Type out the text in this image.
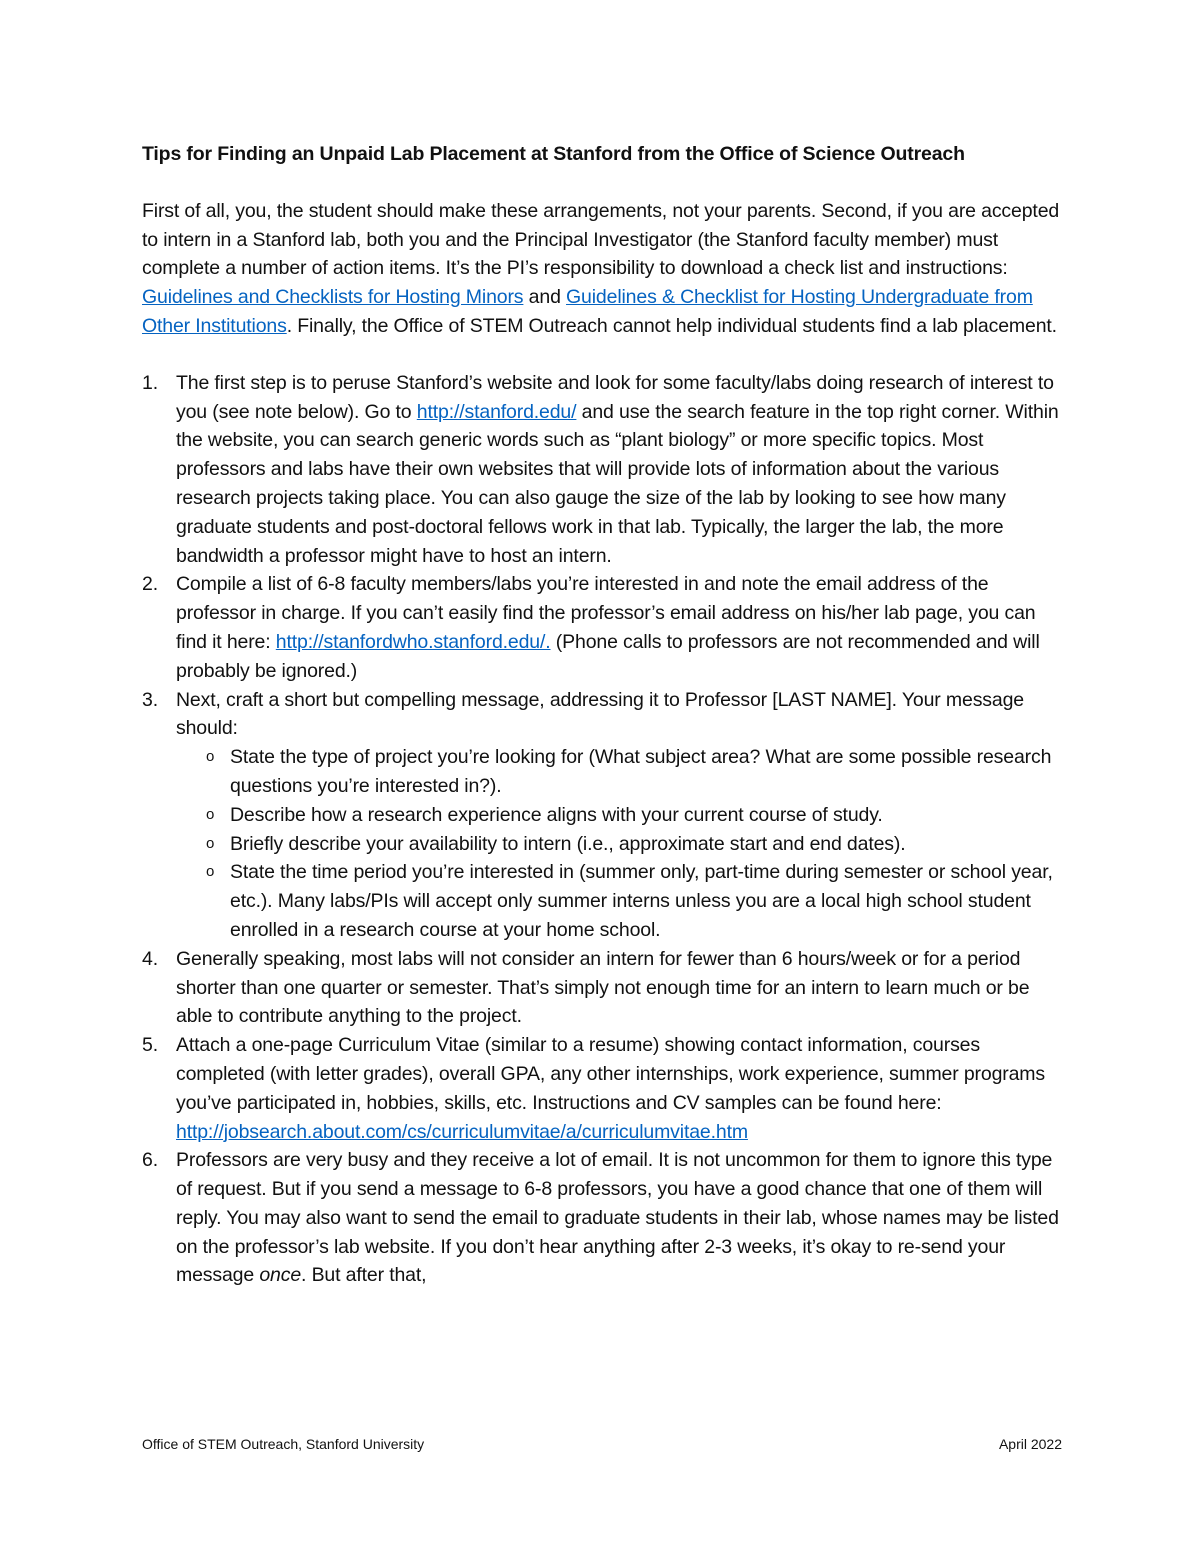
Tips for Finding an Unpaid Lab Placement at Stanford from the Office of Science Outreach

First of all, you, the student should make these arrangements, not your parents. Second, if you are accepted to intern in a Stanford lab, both you and the Principal Investigator (the Stanford faculty member) must complete a number of action items. It’s the PI’s responsibility to download a check list and instructions: Guidelines and Checklists for Hosting Minors and Guidelines & Checklist for Hosting Undergraduate from Other Institutions. Finally, the Office of STEM Outreach cannot help individual students find a lab placement.

1. The first step is to peruse Stanford’s website and look for some faculty/labs doing research of interest to you (see note below). Go to http://stanford.edu/ and use the search feature in the top right corner. Within the website, you can search generic words such as “plant biology” or more specific topics. Most professors and labs have their own websites that will provide lots of information about the various research projects taking place. You can also gauge the size of the lab by looking to see how many graduate students and post-doctoral fellows work in that lab. Typically, the larger the lab, the more bandwidth a professor might have to host an intern.
2. Compile a list of 6-8 faculty members/labs you’re interested in and note the email address of the professor in charge. If you can’t easily find the professor’s email address on his/her lab page, you can find it here: http://stanfordwho.stanford.edu/. (Phone calls to professors are not recommended and will probably be ignored.)
3. Next, craft a short but compelling message, addressing it to Professor [LAST NAME]. Your message should:
o State the type of project you’re looking for (What subject area? What are some possible research questions you’re interested in?).
o Describe how a research experience aligns with your current course of study.
o Briefly describe your availability to intern (i.e., approximate start and end dates).
o State the time period you’re interested in (summer only, part-time during semester or school year, etc.). Many labs/PIs will accept only summer interns unless you are a local high school student enrolled in a research course at your home school.
4. Generally speaking, most labs will not consider an intern for fewer than 6 hours/week or for a period shorter than one quarter or semester. That’s simply not enough time for an intern to learn much or be able to contribute anything to the project.
5. Attach a one-page Curriculum Vitae (similar to a resume) showing contact information, courses completed (with letter grades), overall GPA, any other internships, work experience, summer programs you’ve participated in, hobbies, skills, etc. Instructions and CV samples can be found here:
http://jobsearch.about.com/cs/curriculumvitae/a/curriculumvitae.htm
6. Professors are very busy and they receive a lot of email. It is not uncommon for them to ignore this type of request. But if you send a message to 6-8 professors, you have a good chance that one of them will reply. You may also want to send the email to graduate students in their lab, whose names may be listed on the professor’s lab website. If you don’t hear anything after 2-3 weeks, it’s okay to re-send your message once. But after that,
Office of STEM Outreach, Stanford University	April 2022
